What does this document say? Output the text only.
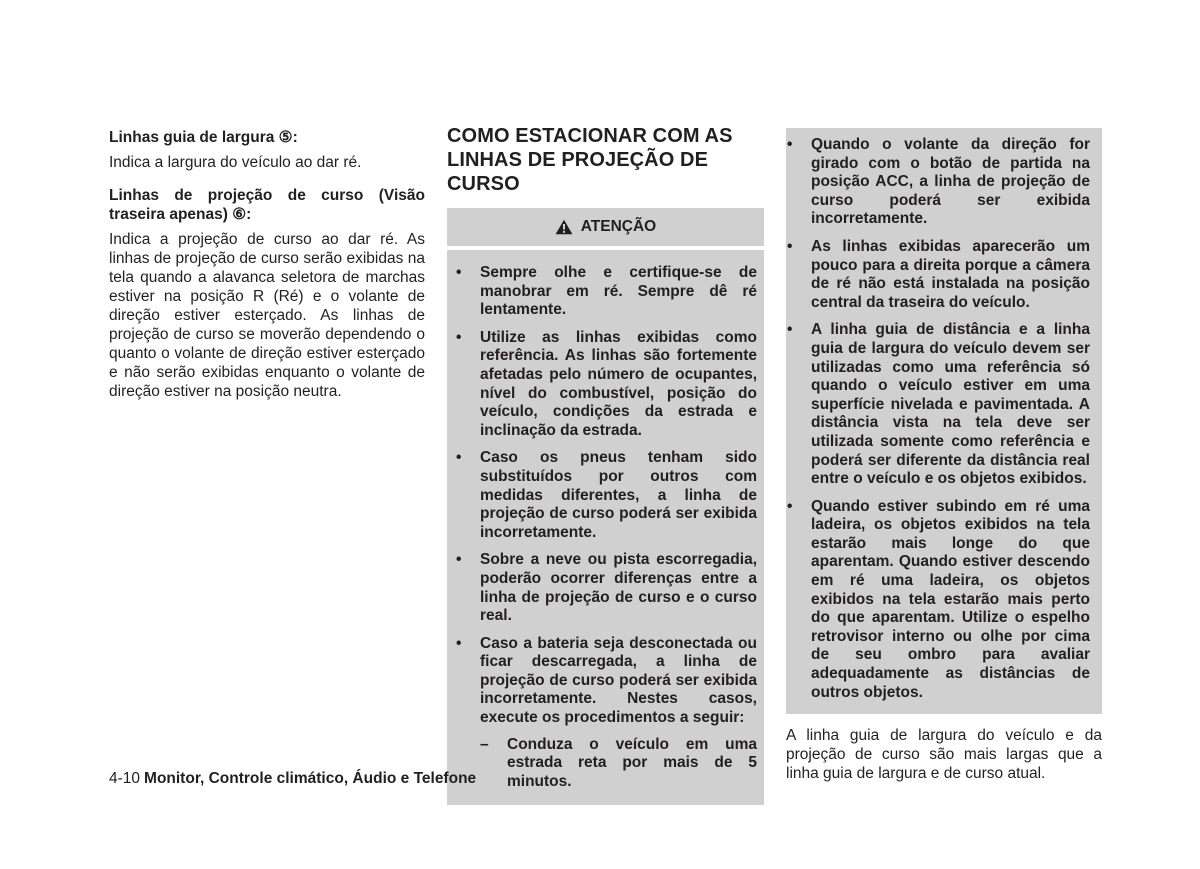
Linhas guia de largura ⑤:
Indica a largura do veículo ao dar ré.
Linhas de projeção de curso (Visão traseira apenas) ⑥:
Indica a projeção de curso ao dar ré. As linhas de projeção de curso serão exibidas na tela quando a alavanca seletora de marchas estiver na posição R (Ré) e o volante de direção estiver esterçado. As linhas de projeção de curso se moverão dependendo o quanto o volante de direção estiver esterçado e não serão exibidas enquanto o volante de direção estiver na posição neutra.
COMO ESTACIONAR COM AS LINHAS DE PROJEÇÃO DE CURSO
ATENÇÃO
• Sempre olhe e certifique-se de manobrar em ré. Sempre dê ré lentamente.
• Utilize as linhas exibidas como referência. As linhas são fortemente afetadas pelo número de ocupantes, nível do combustível, posição do veículo, condições da estrada e inclinação da estrada.
• Caso os pneus tenham sido substituídos por outros com medidas diferentes, a linha de projeção de curso poderá ser exibida incorretamente.
• Sobre a neve ou pista escorregadia, poderão ocorrer diferenças entre a linha de projeção de curso e o curso real.
• Caso a bateria seja desconectada ou ficar descarregada, a linha de projeção de curso poderá ser exibida incorretamente. Nestes casos, execute os procedimentos a seguir:
– Conduza o veículo em uma estrada reta por mais de 5 minutos.
• Quando o volante da direção for girado com o botão de partida na posição ACC, a linha de projeção de curso poderá ser exibida incorretamente.
• As linhas exibidas aparecerão um pouco para a direita porque a câmera de ré não está instalada na posição central da traseira do veículo.
• A linha guia de distância e a linha guia de largura do veículo devem ser utilizadas como uma referência só quando o veículo estiver em uma superfície nivelada e pavimentada. A distância vista na tela deve ser utilizada somente como referência e poderá ser diferente da distância real entre o veículo e os objetos exibidos.
• Quando estiver subindo em ré uma ladeira, os objetos exibidos na tela estarão mais longe do que aparentam. Quando estiver descendo em ré uma ladeira, os objetos exibidos na tela estarão mais perto do que aparentam. Utilize o espelho retrovisor interno ou olhe por cima de seu ombro para avaliar adequadamente as distâncias de outros objetos.
A linha guia de largura do veículo e da projeção de curso são mais largas que a linha guia de largura e de curso atual.
4-10 Monitor, Controle climático, Áudio e Telefone
